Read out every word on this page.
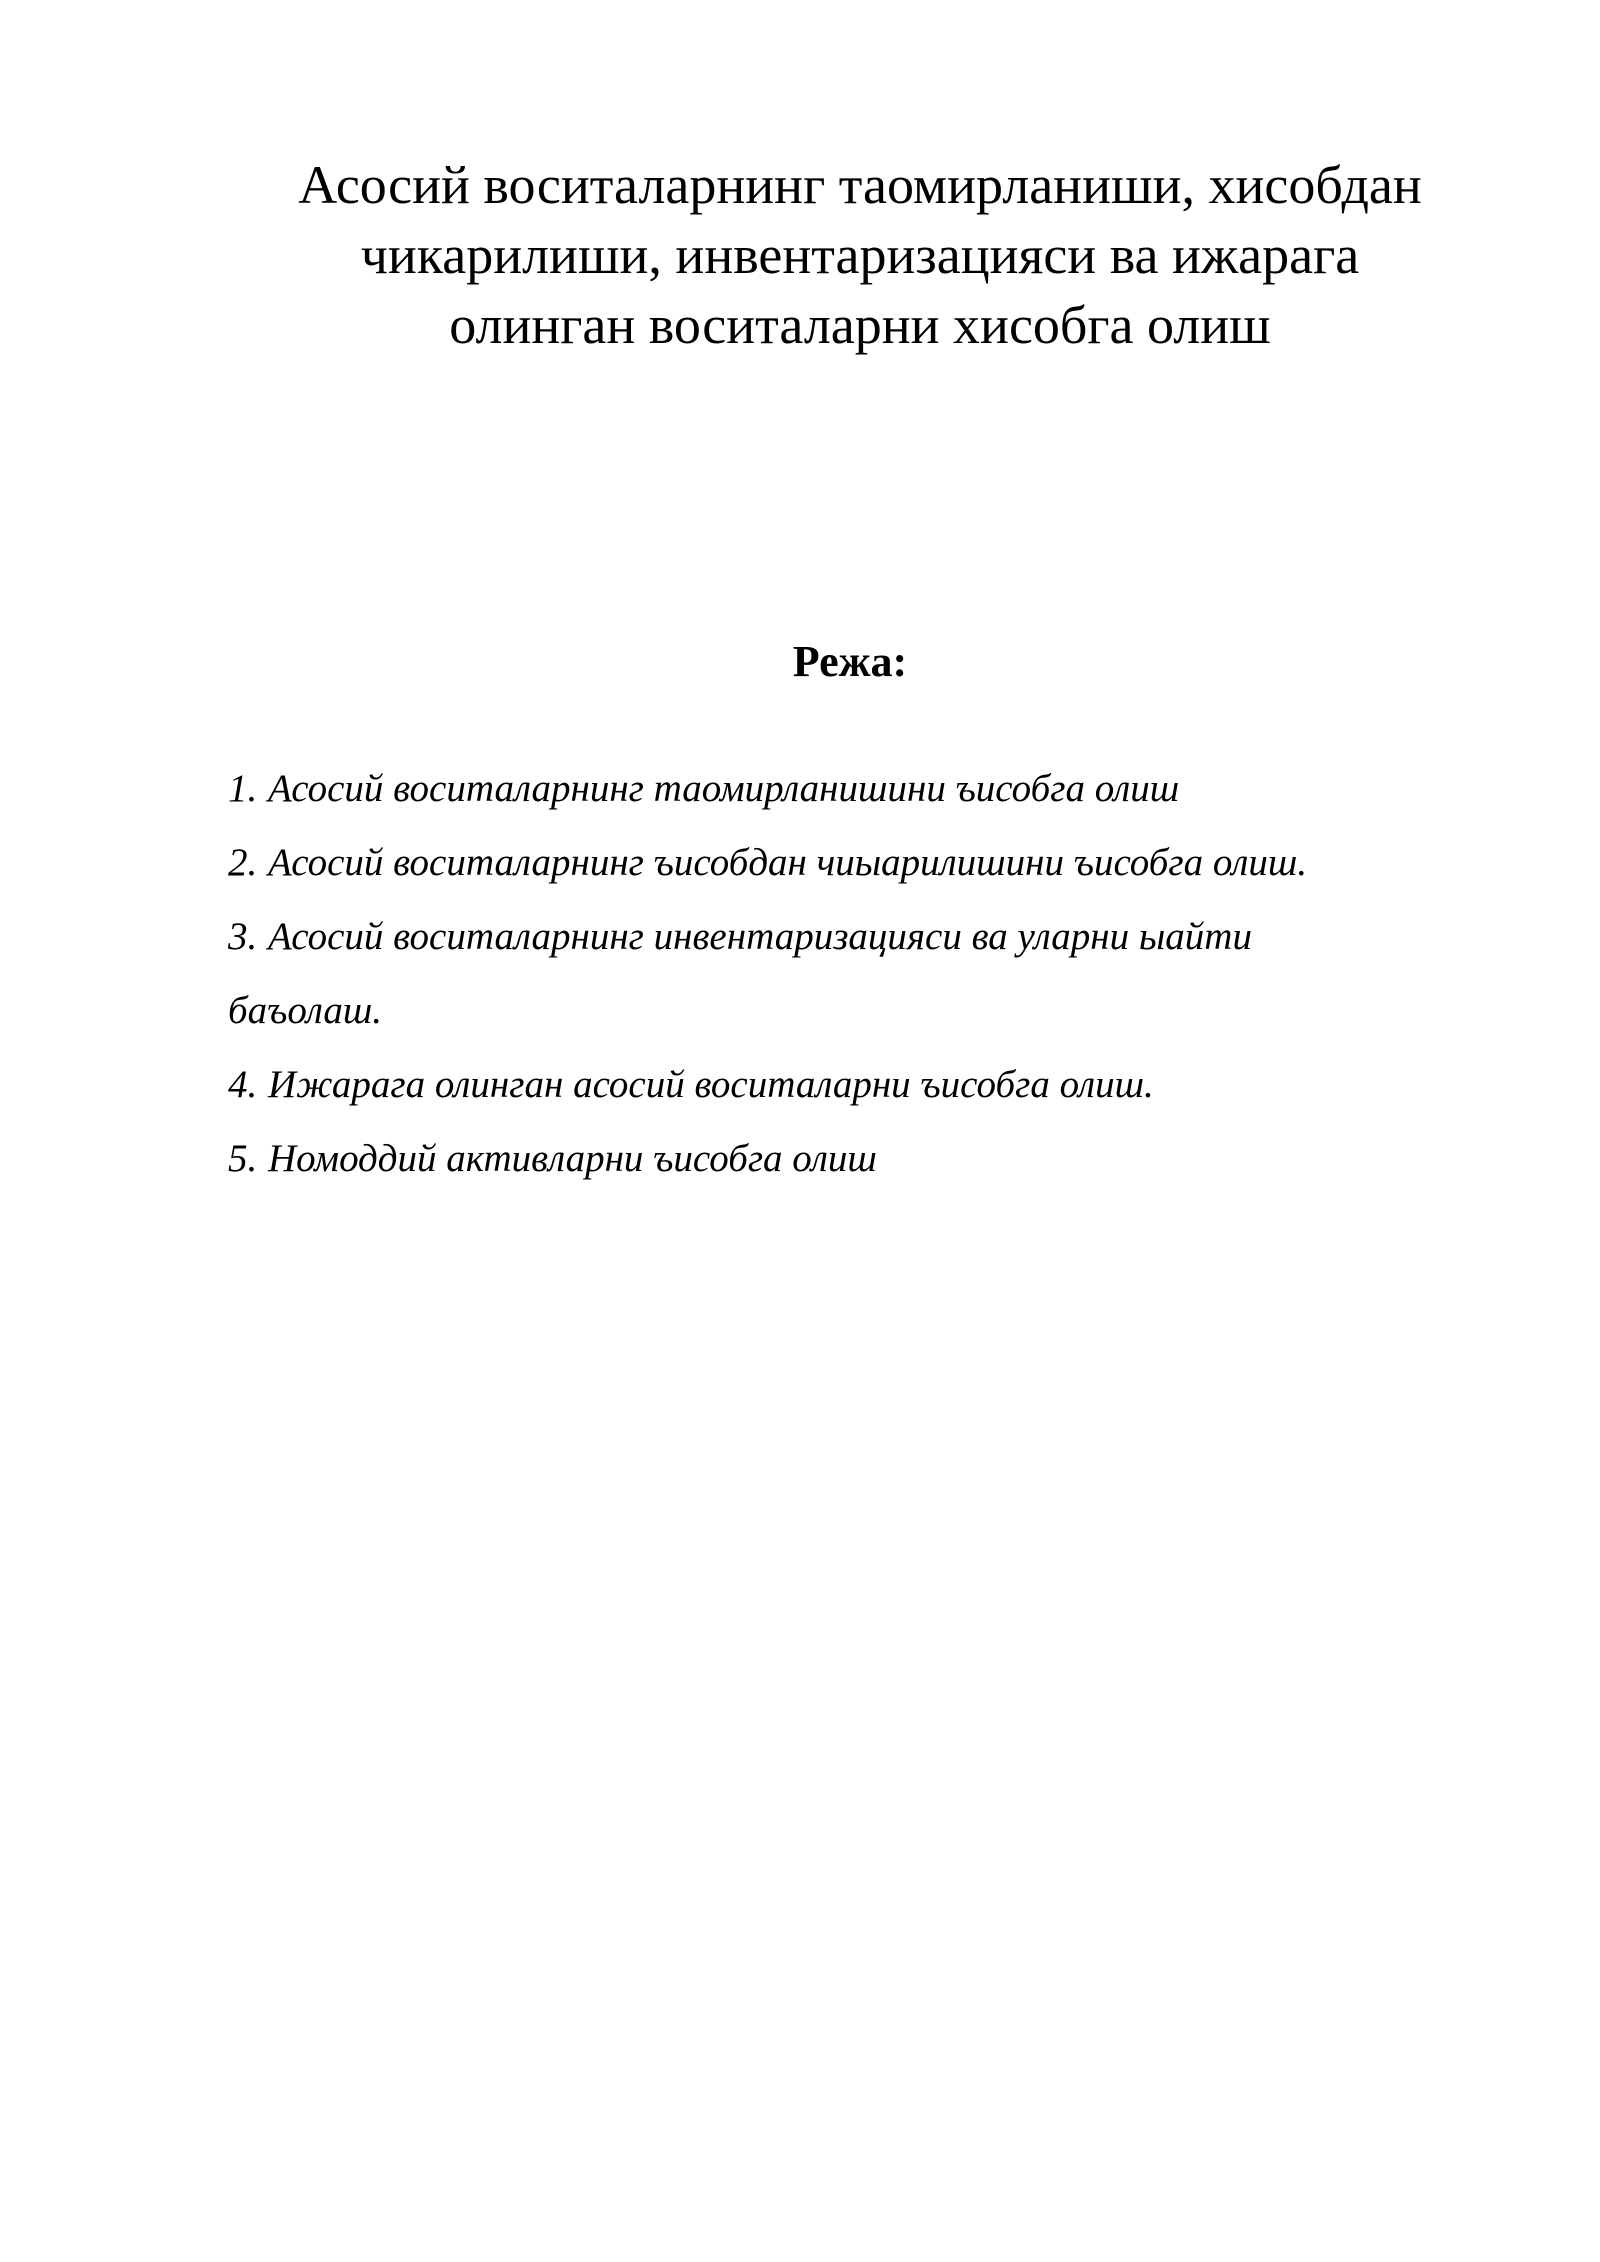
Асосий воситаларнинг таомирланиши, хисобдан
чикарилиши, инвентаризацияси ва ижарага
олинган воситаларни хисобга олиш
Режа:
1. Асосий воситаларнинг таомирланишини ъисобга олиш
2. Асосий воситаларнинг ъисобдан чиыарилишини ъисобга олиш.
3. Асосий воситаларнинг инвентаризацияси ва уларни ыайти
баъолаш.
4. Ижарага олинган асосий воситаларни ъисобга олиш.
5. Номоддий активларни ъисобга олиш
